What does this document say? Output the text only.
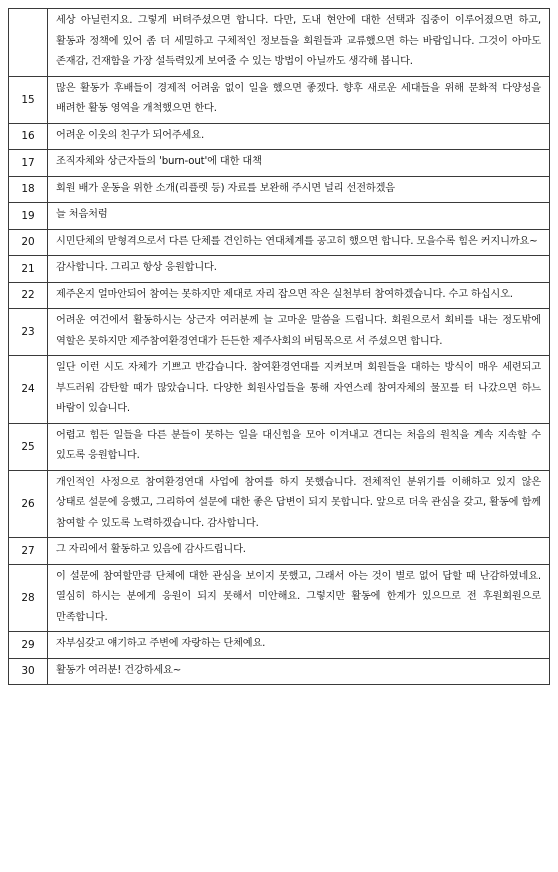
	세상 아닐런지요. 그렇게 버텨주셨으면 합니다. 다만, 도내 현안에 대한 선택과 집중이 이루어졌으면 하고, 활동과 정책에 있어 좀 더 세밀하고 구체적인 정보들을 회원들과 교류했으면 하는 바람입니다. 그것이 아마도 존재감, 건재함을 가장 설득력있게 보여줄 수 있는 방법이 아닐까도 생각해 봅니다.
15	많은 활동가 후배들이 경제적 어려움 없이 일을 했으면 좋겠다. 향후 새로운 세대들을 위해 문화적 다양성을 배려한 활동 영역을 개척했으면 한다.
16	어려운 이웃의 친구가 되어주세요.
17	조직자체와 상근자들의 'burn-out'에 대한 대책
18	회원 배가 운동을 위한 소개(리플렛 등) 자료를 보완해 주시면 널리 선전하겠음
19	늘 처음처럼
20	시민단체의 맏형격으로서 다른 단체를 견인하는 연대체계를 공고히 했으면 합니다. 모을수록 힘은 커지니까요~
21	감사합니다. 그리고 항상 응원합니다.
22	제주온지 얼마안되어 참여는 못하지만 제대로 자리 잡으면 작은 실천부터 참여하겠습니다. 수고 하십시오.
23	어려운 여건에서 활동하시는 상근자 여러분께 늘 고마운 말씀을 드립니다. 회원으로서 회비를 내는 정도밖에 역할은 못하지만 제주참여환경연대가 든든한 제주사회의 버팀목으로 서 주셨으면 합니다.
24	일단 이런 시도 자체가 기쁘고 반갑습니다. 참여환경연대를 지켜보며 회원들을 대하는 방식이 매우 세련되고 부드러워 감탄할 때가 많았습니다. 다양한 회원사업들을 통해 자연스레 참여자체의 물꼬를 터 나갔으면 하느 바람이 있습니다.
25	어렵고 힘든 일들을 다른 분들이 못하는 일을 대신힘을 모아 이겨내고 견디는 처음의 원칙을 계속 지속할 수 있도록 응원합니다.
26	개인적인 사정으로 참여환경연대 사업에 참여를 하지 못했습니다. 전체적인 분위기를 이해하고 있지 않은 상태로 설문에 응했고, 그리하여 설문에 대한 좋은 답변이 되지 못합니다. 앞으로 더욱 관심을 갖고, 활동에 함께 참여할 수 있도록 노력하겠습니다. 감사합니다.
27	그 자리에서 활동하고 있음에 감사드립니다.
28	이 설문에 참여할만큼 단체에 대한 관심을 보이지 못했고, 그래서 아는 것이 별로 없어 답할 때 난감하였네요. 열심히 하시는 분에게 응원이 되지 못해서 미안해요. 그렇지만 활동에 한계가 있으므로 전 후원회원으로 만족합니다.
29	자부심갖고 얘기하고 주변에 자랑하는 단체예요.
30	활동가 여러분! 건강하세요~
